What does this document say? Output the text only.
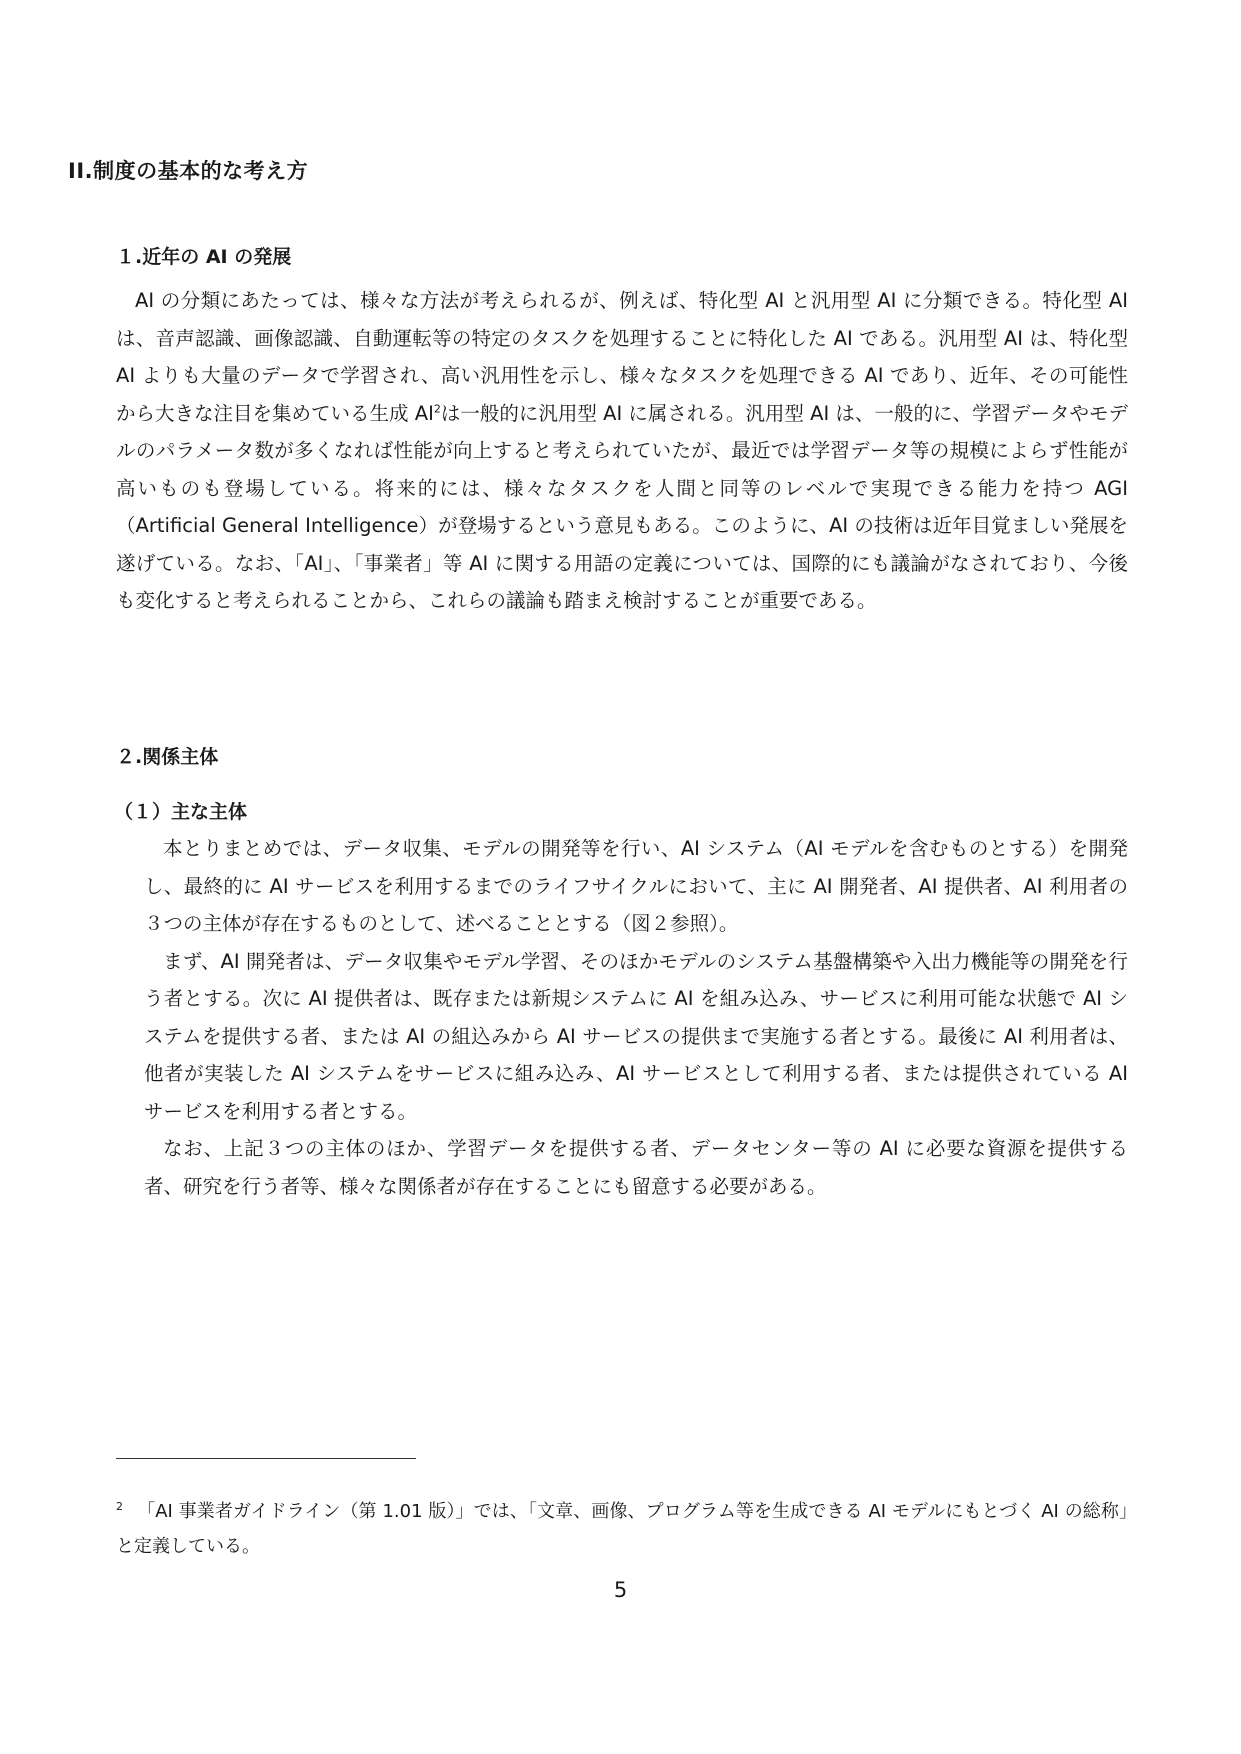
II.制度の基本的な考え方
１.近年の AI の発展

AI の分類にあたっては、様々な方法が考えられるが、例えば、特化型 AI と汎用型 AI に分類できる。特化型 AI は、音声認識、画像認識、自動運転等の特定のタスクを処理することに特化した AI である。汎用型 AI は、特化型 AI よりも大量のデータで学習され、高い汎用性を示し、様々なタスクを処理できる AI であり、近年、その可能性から大きな注目を集めている生成 $AI^2$は一般的に汎用型 AI に属される。汎用型 AI は、一般的に、学習データやモデルのパラメータ数が多くなれば性能が向上すると考えられていたが、最近では学習データ等の規模によらず性能が高いものも登場している。将来的には、様々なタスクを人間と同等のレベルで実現できる能力を持つ AGI（Artificial General Intelligence）が登場するという意見もある。このように、AI の技術は近年目覚ましい発展を遂げている。なお、「AI」、「事業者」等 AI に関する用語の定義については、国際的にも議論がなされており、今後も変化すると考えられることから、これらの議論も踏まえ検討することが重要である。

２.関係主体
（１）主な主体
本とりまとめでは、データ収集、モデルの開発等を行い、AI システム（AI モデルを含むものとする）を開発し、最終的に AI サービスを利用するまでのライフサイクルにおいて、主に AI 開発者、AI 提供者、AI 利用者の３つの主体が存在するものとして、述べることとする（図２参照）。
まず、AI 開発者は、データ収集やモデル学習、そのほかモデルのシステム基盤構築や入出力機能等の開発を行う者とする。次に AI 提供者は、既存または新規システムに AI を組み込み、サービスに利用可能な状態で AI システムを提供する者、または AI の組込みから AI サービスの提供まで実施する者とする。最後に AI 利用者は、他者が実装した AI システムをサービスに組み込み、AI サービスとして利用する者、または提供されている AI サービスを利用する者とする。
なお、上記３つの主体のほか、学習データを提供する者、データセンター等の AI に必要な資源を提供する者、研究を行う者等、様々な関係者が存在することにも留意する必要がある。

$^2$ 「AI 事業者ガイドライン（第 1.01 版）」では、「文章、画像、プログラム等を生成できる AI モデルにもとづく AI の総称」と定義している。

5
